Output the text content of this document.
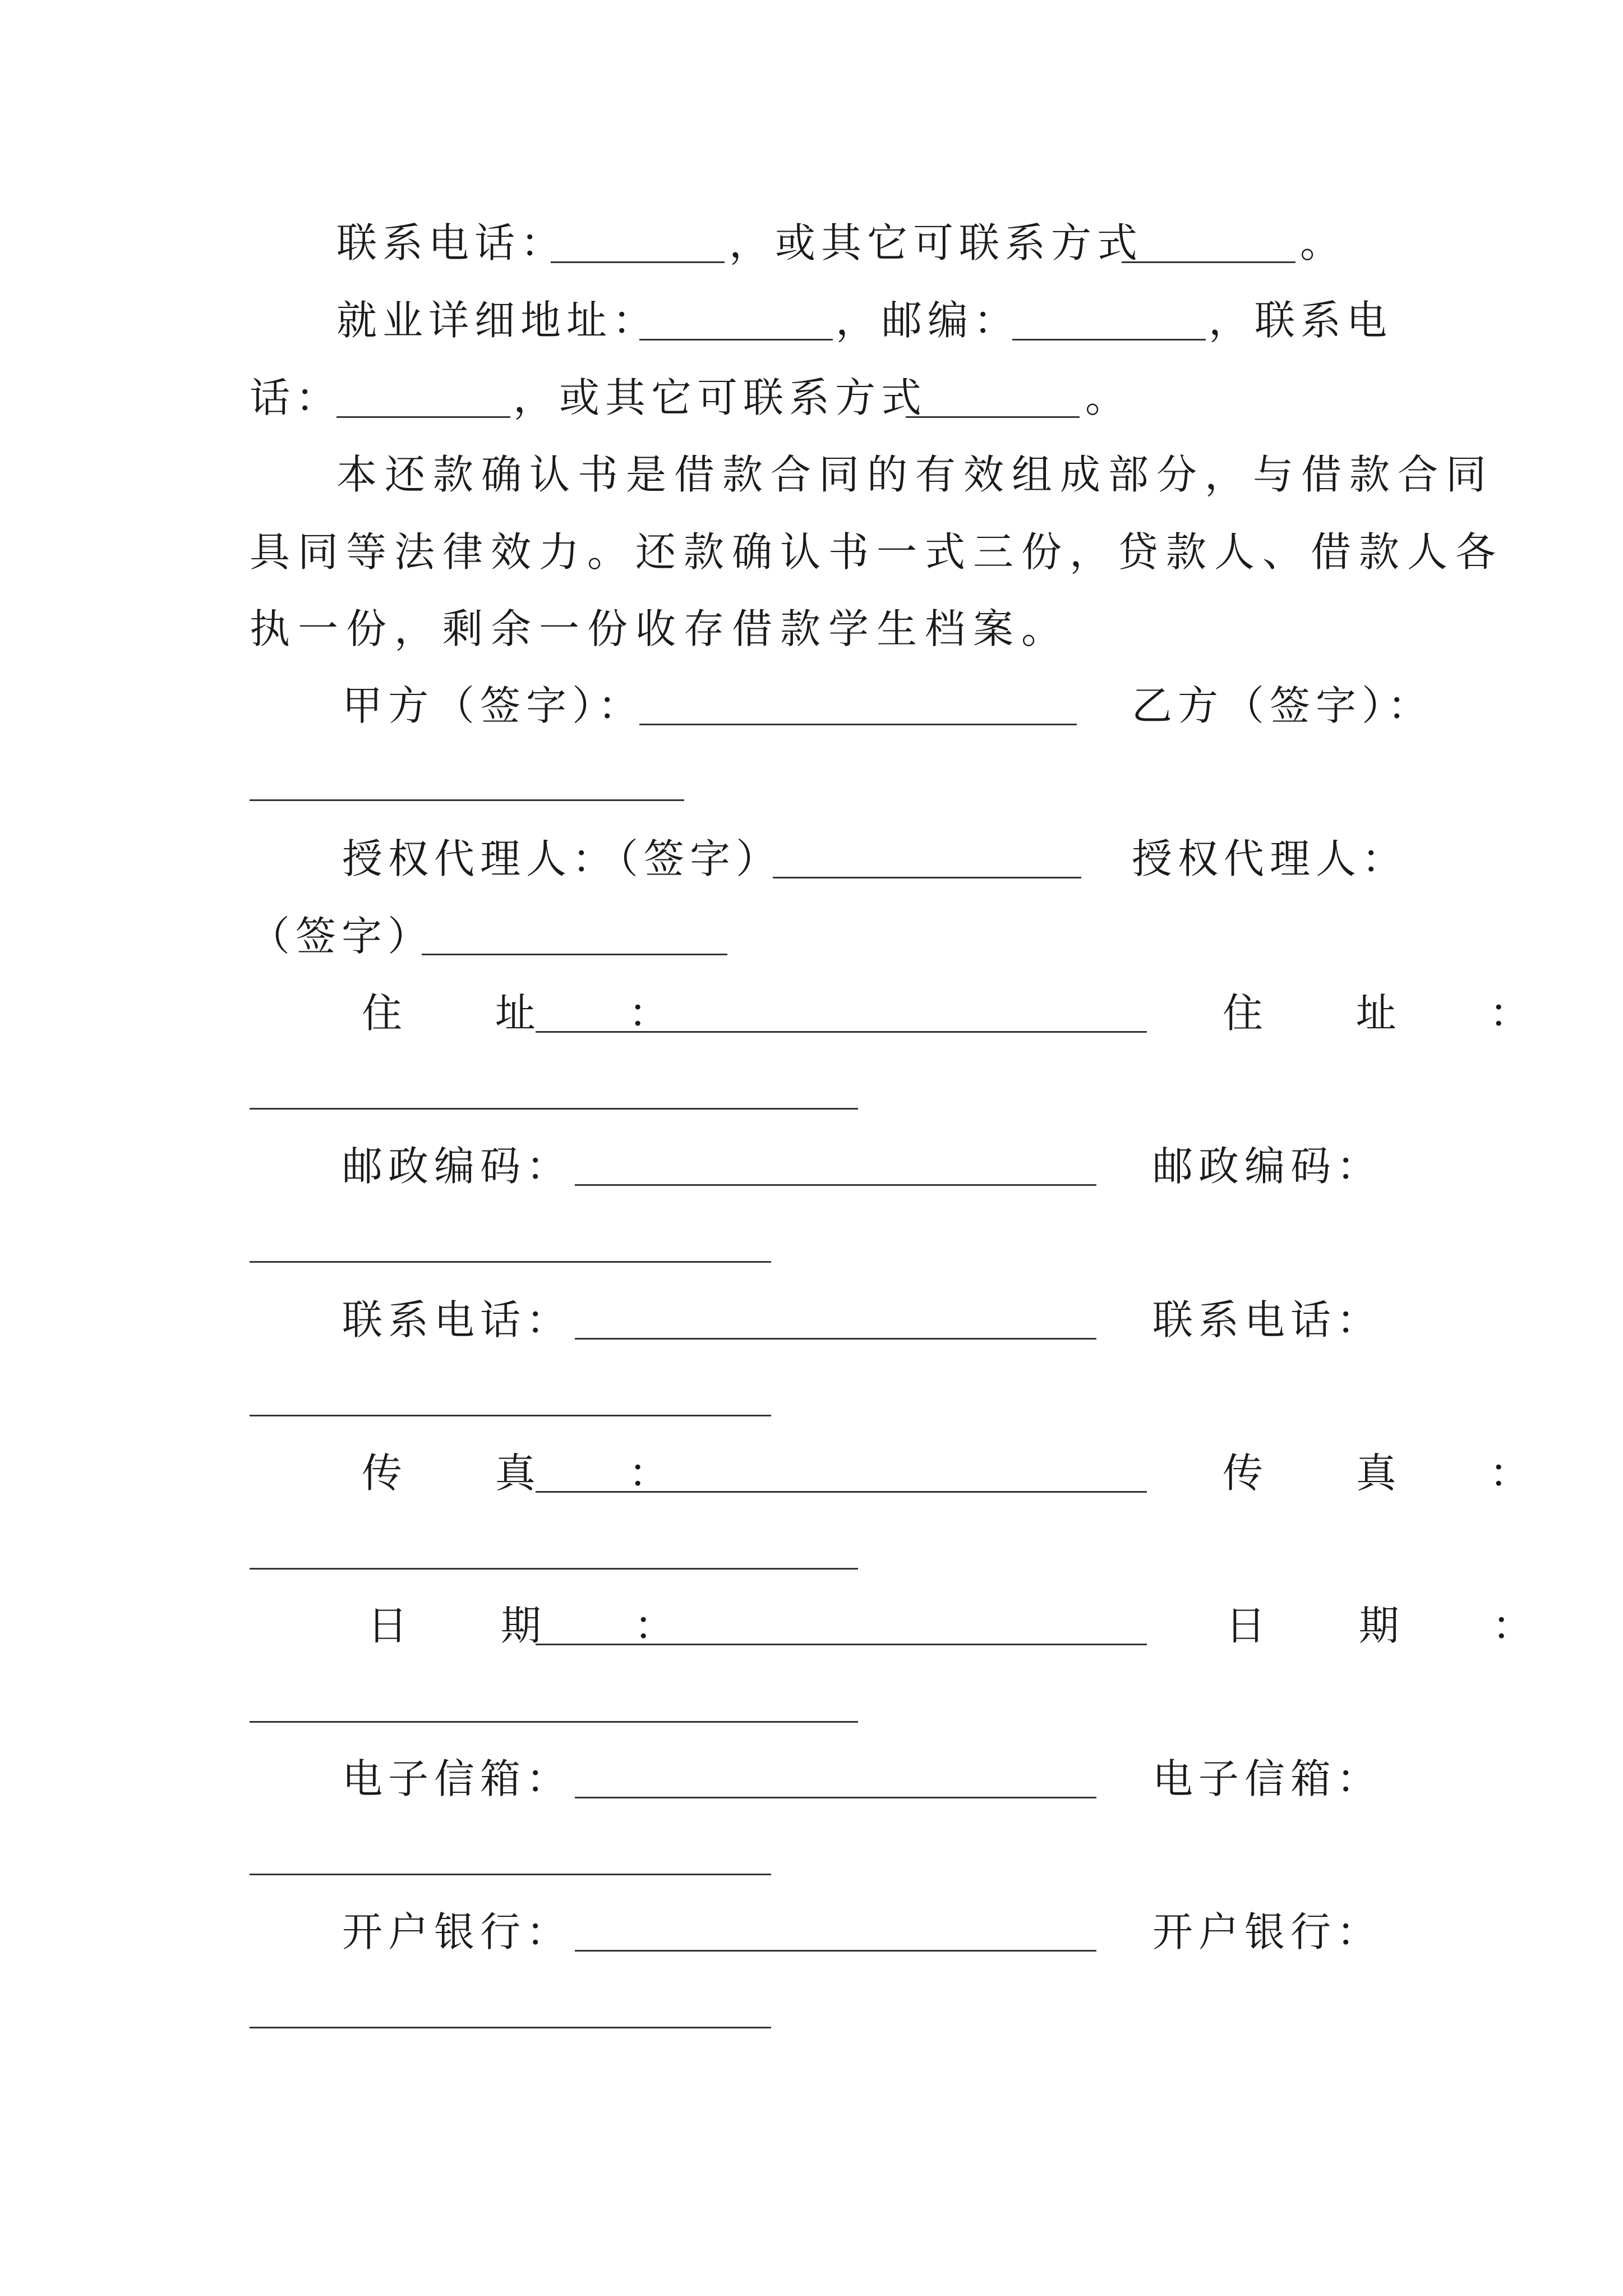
联系电话：	，或其它可联系方式	。
就业详细地址：	，邮编：	，联系电
话：	，或其它可联系方式	。
本还款确认书是借款合同的有效组成部分，与借款合同
具同等法律效力。还款确认书一式三份，贷款人、借款人各
执一份，剩余一份收存借款学生档案。
甲方（签字）：	乙方（签字）：
授权代理人：（签字）	授权代理人：
（签字）
住  址  ：	住  址  ：
邮政编码：	邮政编码：
联系电话：	联系电话：
传  真  ：	传  真  ：
日  期  ：	日  期  ：
电子信箱：	电子信箱：
开户银行：	开户银行：
